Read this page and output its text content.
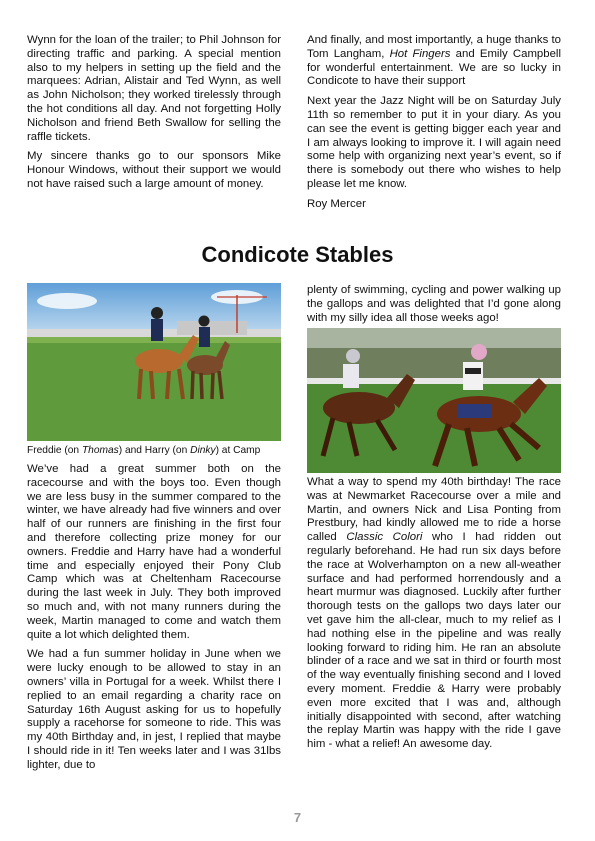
Wynn for the loan of the trailer; to Phil Johnson for directing traffic and parking. A special mention also to my helpers in setting up the field and the marquees: Adrian, Alistair and Ted Wynn, as well as John Nicholson; they worked tirelessly through the hot conditions all day. And not forgetting Holly Nicholson and friend Beth Swallow for selling the raffle tickets.

My sincere thanks go to our sponsors Mike Honour Windows, without their support we would not have raised such a large amount of money.

And finally, and most importantly, a huge thanks to Tom Langham, Hot Fingers and Emily Campbell for wonderful entertainment. We are so lucky in Condicote to have their support

Next year the Jazz Night will be on Saturday July 11th so remember to put it in your diary. As you can see the event is getting bigger each year and I am always looking to improve it. I will again need some help with organizing next year’s event, so if there is somebody out there who wishes to help please let me know.

Roy Mercer

Condicote Stables
Freddie (on Thomas) and Harry (on Dinky) at Camp

We’ve had a great summer both on the racecourse and with the boys too. Even though we are less busy in the summer compared to the winter, we have already had five winners and over half of our runners are finishing in the first four and therefore collecting prize money for our owners. Freddie and Harry have had a wonderful time and especially enjoyed their Pony Club Camp which was at Cheltenham Racecourse during the last week in July. They both improved so much and, with not many runners during the week, Martin managed to come and watch them quite a lot which delighted them.

We had a fun summer holiday in June when we were lucky enough to be allowed to stay in an owners’ villa in Portugal for a week. Whilst there I replied to an email regarding a charity race on Saturday 16th August asking for us to hopefully supply a racehorse for someone to ride. This was my 40th Birthday and, in jest, I replied that maybe I should ride in it! Ten weeks later and I was 31lbs lighter, due to

plenty of swimming, cycling and power walking up the gallops and was delighted that I’d gone along with my silly idea all those weeks ago!

What a way to spend my 40th birthday! The race was at Newmarket Racecourse over a mile and Martin, and owners Nick and Lisa Ponting from Prestbury, had kindly allowed me to ride a horse called Classic Colori who I had ridden out regularly beforehand. He had run six days before the race at Wolverhampton on a new all-weather surface and had performed horrendously and a heart murmur was diagnosed. Luckily after further thorough tests on the gallops two days later our vet gave him the all-clear, much to my relief as I had nothing else in the pipeline and was really looking forward to riding him. He ran an absolute blinder of a race and we sat in third or fourth most of the way eventually finishing second and I loved every moment. Freddie & Harry were probably even more excited that I was and, although initially disappointed with second, after watching the replay Martin was happy with the ride I gave him - what a relief! An awesome day.

7
